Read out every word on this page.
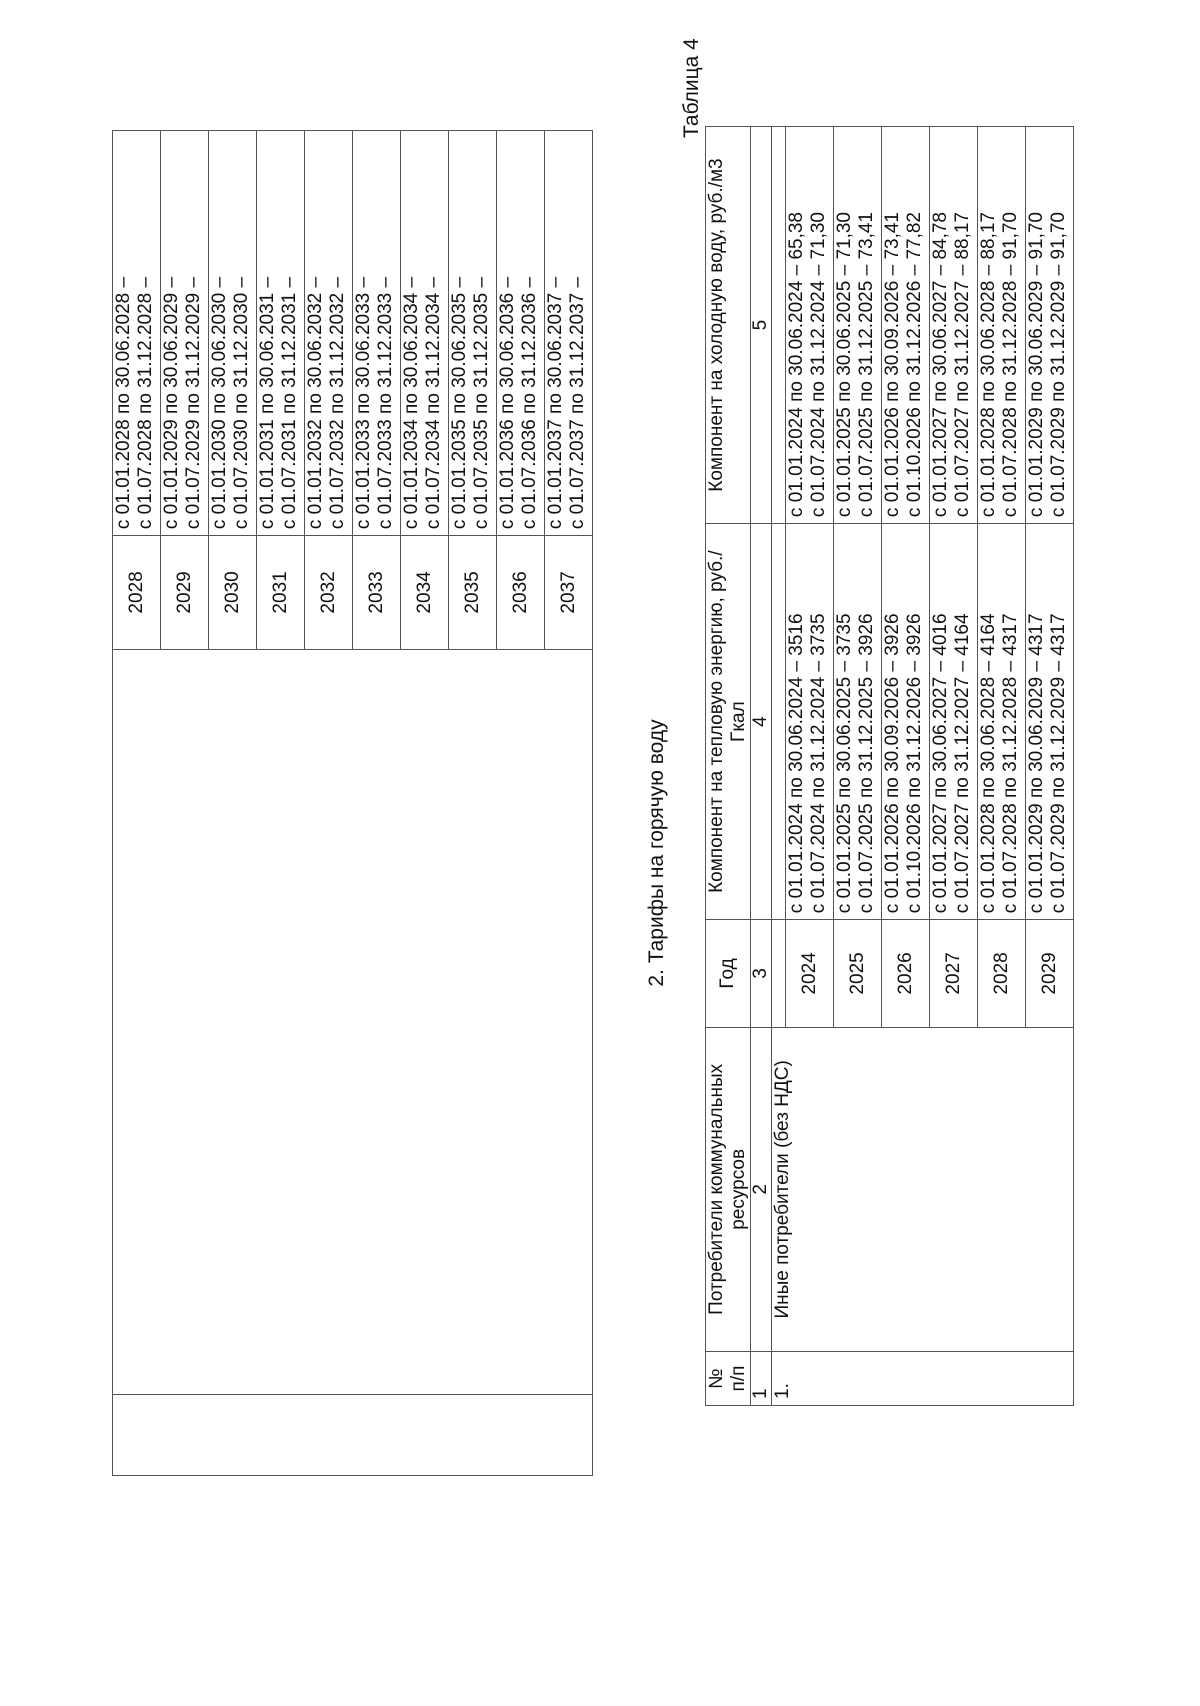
		2028	с 01.01.2028 по 30.06.2028 – с 01.07.2028 по 31.12.2028 –

		2029	с 01.01.2029 по 30.06.2029 – с 01.07.2029 по 31.12.2029 –

		2030	с 01.01.2030 по 30.06.2030 – с 01.07.2030 по 31.12.2030 –

		2031	с 01.01.2031 по 30.06.2031 – с 01.07.2031 по 31.12.2031 –

		2032	с 01.01.2032 по 30.06.2032 – с 01.07.2032 по 31.12.2032 –

		2033	с 01.01.2033 по 30.06.2033 – с 01.07.2033 по 31.12.2033 –

		2034	с 01.01.2034 по 30.06.2034 – с 01.07.2034 по 31.12.2034 –

		2035	с 01.01.2035 по 30.06.2035 – с 01.07.2035 по 31.12.2035 –

		2036	с 01.01.2036 по 30.06.2036 – с 01.07.2036 по 31.12.2036 –

		2037	с 01.01.2037 по 30.06.2037 – с 01.07.2037 по 31.12.2037 –
2. Тарифы на горячую воду
Таблица 4
№ п/п	Потребители коммунальных ресурсов	Год	Компонент на тепловую энергию, руб./Гкал	Компонент на холодную воду, руб./м3
1	2	3	4	5
1.	Иные потребители (без НДС)			
		2024	с 01.01.2024 по 30.06.2024 – 3516 с 01.07.2024 по 31.12.2024 – 3735	с 01.01.2024 по 30.06.2024 – 65,38 с 01.07.2024 по 31.12.2024 – 71,30

		2025	с 01.01.2025 по 30.06.2025 – 3735 с 01.07.2025 по 31.12.2025 – 3926	с 01.01.2025 по 30.06.2025 – 71,30 с 01.07.2025 по 31.12.2025 – 73,41

		2026	с 01.01.2026 по 30.09.2026 – 3926 с 01.10.2026 по 31.12.2026 – 3926	с 01.01.2026 по 30.09.2026 – 73,41 с 01.10.2026 по 31.12.2026 – 77,82

		2027	с 01.01.2027 по 30.06.2027 – 4016 с 01.07.2027 по 31.12.2027 – 4164	с 01.01.2027 по 30.06.2027 – 84,78 с 01.07.2027 по 31.12.2027 – 88,17

		2028	с 01.01.2028 по 30.06.2028 – 4164 с 01.07.2028 по 31.12.2028 – 4317	с 01.01.2028 по 30.06.2028 – 88,17 с 01.07.2028 по 31.12.2028 – 91,70

		2029	с 01.01.2029 по 30.06.2029 – 4317 с 01.07.2029 по 31.12.2029 – 4317	с 01.01.2029 по 30.06.2029 – 91,70 с 01.07.2029 по 31.12.2029 – 91,70
